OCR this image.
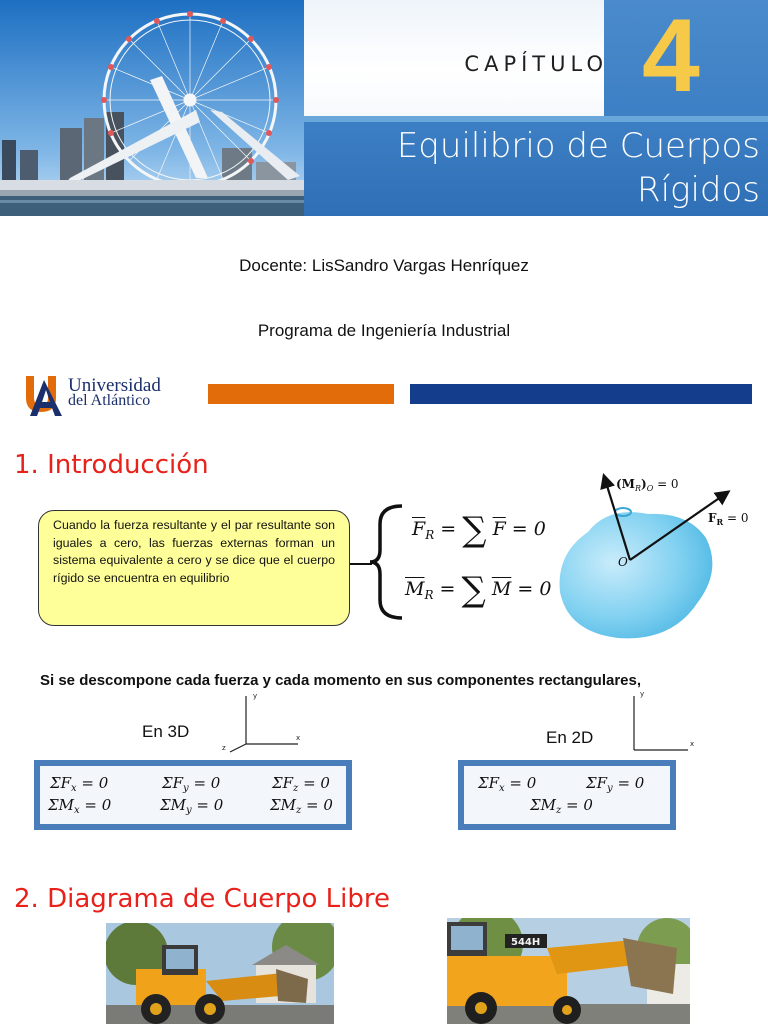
CAPÍTULO 4
Equilibrio de Cuerpos
Rígidos
Docente: LisSandro Vargas Henríquez
Programa de Ingeniería Industrial
Universidad
del Atlántico
1. Introducción
Cuando la fuerza resultante y el par resultante son iguales a cero, las fuerzas externas forman un sistema equivalente a cero y se dice que el cuerpo rígido se encuentra en equilibrio
$\overline{F}_R$ = ∑ $\overline{F} = 0$
$\overline{M}_R$ = ∑ $\overline{M} = 0$
$(M_R)_O = 0$
$F_R = 0$
O
Si se descompone cada fuerza y cada momento en sus componentes rectangulares,
En 3D
y
x
z
En 2D
y
x
$\Sigma F_x = 0$	$\Sigma F_y = 0$	$\Sigma F_z = 0$
$\Sigma M_x = 0$	$\Sigma M_y = 0$	$\Sigma M_z = 0$
$\Sigma F_x = 0$	$\Sigma F_y = 0$
$\Sigma M_z = 0$
2. Diagrama de Cuerpo Libre
544H
